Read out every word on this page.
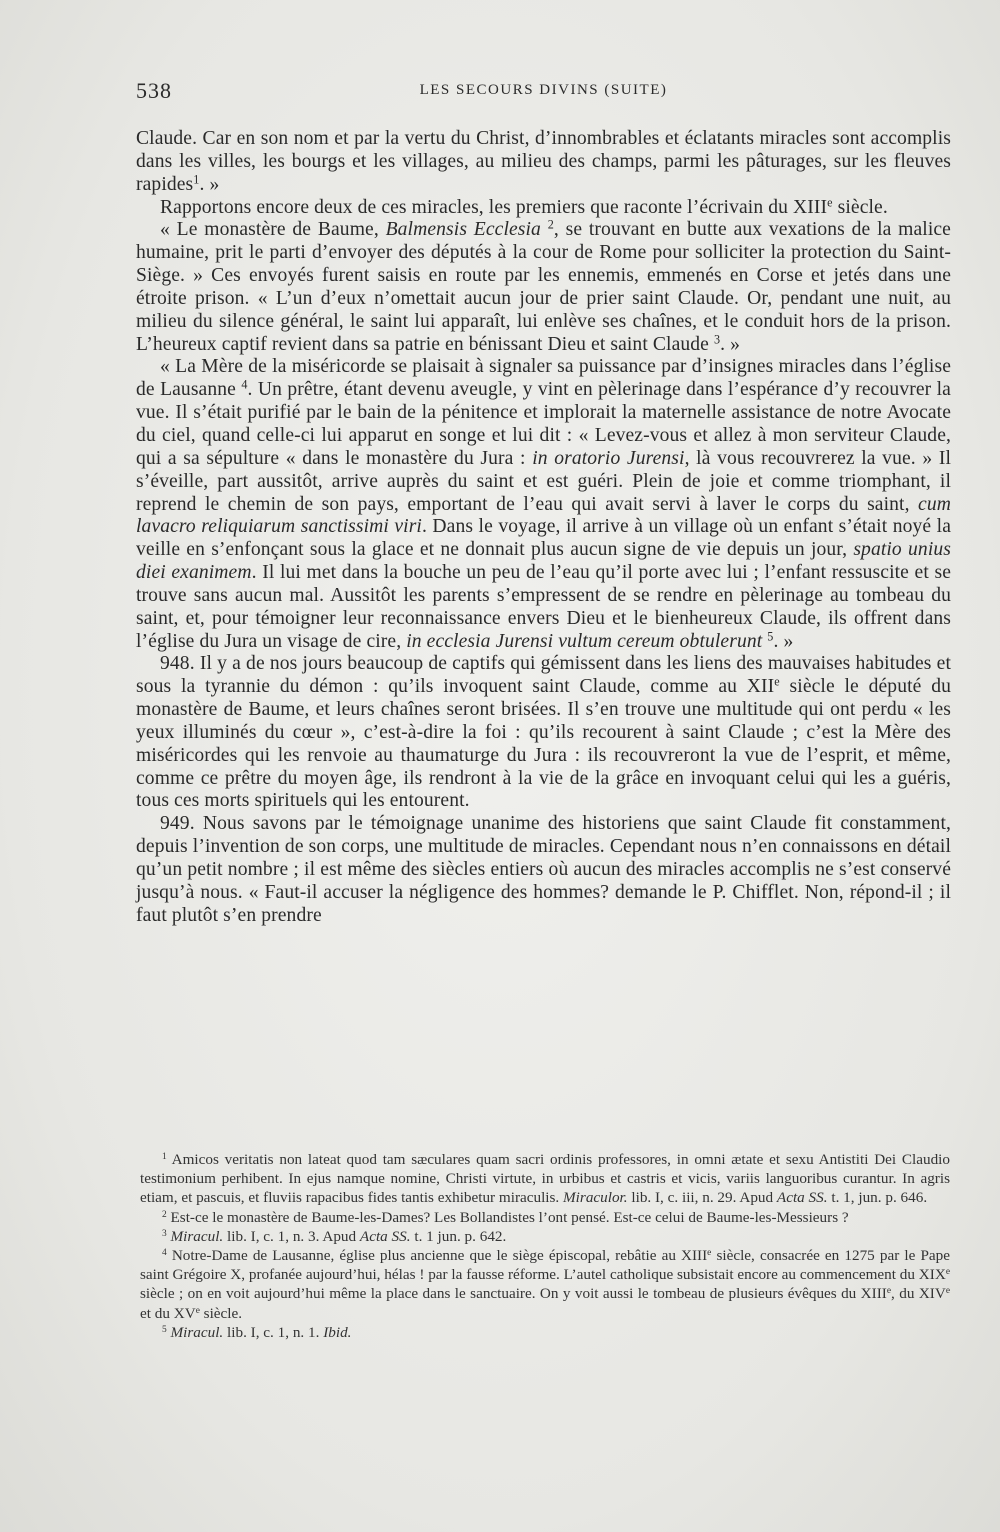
538	LES SECOURS DIVINS (SUITE)

Claude. Car en son nom et par la vertu du Christ, d’innombrables et éclatants miracles sont accomplis dans les villes, les bourgs et les villages, au milieu des champs, parmi les pâturages, sur les fleuves rapides$^1$. »

Rapportons encore deux de ces miracles, les premiers que raconte l’écrivain du XIIIe siècle.

« Le monastère de Baume, Balmensis Ecclesia $^2$, se trouvant en butte aux vexations de la malice humaine, prit le parti d’envoyer des députés à la cour de Rome pour solliciter la protection du Saint-Siège. » Ces envoyés furent saisis en route par les ennemis, emmenés en Corse et jetés dans une étroite prison. « L’un d’eux n’omettait aucun jour de prier saint Claude. Or, pendant une nuit, au milieu du silence général, le saint lui apparaît, lui enlève ses chaînes, et le conduit hors de la prison. L’heureux captif revient dans sa patrie en bénissant Dieu et saint Claude $^3$. »

« La Mère de la miséricorde se plaisait à signaler sa puissance par d’insignes miracles dans l’église de Lausanne $^4$. Un prêtre, étant devenu aveugle, y vint en pèlerinage dans l’espérance d’y recouvrer la vue. Il s’était purifié par le bain de la pénitence et implorait la maternelle assistance de notre Avocate du ciel, quand celle-ci lui apparut en songe et lui dit : « Levez-vous et allez à mon serviteur Claude, qui a sa sépulture « dans le monastère du Jura : in oratorio Jurensi, là vous recouvrerez la vue. » Il s’éveille, part aussitôt, arrive auprès du saint et est guéri. Plein de joie et comme triomphant, il reprend le chemin de son pays, emportant de l’eau qui avait servi à laver le corps du saint, cum lavacro reliquiarum sanctissimi viri. Dans le voyage, il arrive à un village où un enfant s’était noyé la veille en s’enfonçant sous la glace et ne donnait plus aucun signe de vie depuis un jour, spatio unius diei exanimem. Il lui met dans la bouche un peu de l’eau qu’il porte avec lui ; l’enfant ressuscite et se trouve sans aucun mal. Aussitôt les parents s’empressent de se rendre en pèlerinage au tombeau du saint, et, pour témoigner leur reconnaissance envers Dieu et le bienheureux Claude, ils offrent dans l’église du Jura un visage de cire, in ecclesia Jurensi vultum cereum obtulerunt $^5$. »

948. Il y a de nos jours beaucoup de captifs qui gémissent dans les liens des mauvaises habitudes et sous la tyrannie du démon : qu’ils invoquent saint Claude, comme au XIIe siècle le député du monastère de Baume, et leurs chaînes seront brisées. Il s’en trouve une multitude qui ont perdu « les yeux illuminés du cœur », c’est-à-dire la foi : qu’ils recourent à saint Claude ; c’est la Mère des miséricordes qui les renvoie au thaumaturge du Jura : ils recouvreront la vue de l’esprit, et même, comme ce prêtre du moyen âge, ils rendront à la vie de la grâce en invoquant celui qui les a guéris, tous ces morts spirituels qui les entourent.

949. Nous savons par le témoignage unanime des historiens que saint Claude fit constamment, depuis l’invention de son corps, une multitude de miracles. Cependant nous n’en connaissons en détail qu’un petit nombre ; il est même des siècles entiers où aucun des miracles accomplis ne s’est conservé jusqu’à nous. « Faut-il accuser la négligence des hommes? demande le P. Chifflet. Non, répond-il ; il faut plutôt s’en prendre

$^1$ Amicos veritatis non lateat quod tam sæculares quam sacri ordinis professores, in omni ætate et sexu Antistiti Dei Claudio testimonium perhibent. In ejus namque nomine, Christi virtute, in urbibus et castris et vicis, variis languoribus curantur. In agris etiam, et pascuis, et fluviis rapacibus fides tantis exhibetur miraculis. Miraculor. lib. I, c. iii, n. 29. Apud Acta SS. t. 1, jun. p. 646.

$^2$ Est-ce le monastère de Baume-les-Dames? Les Bollandistes l’ont pensé. Est-ce celui de Baume-les-Messieurs ?

$^3$ Miracul. lib. I, c. 1, n. 3. Apud Acta SS. t. 1 jun. p. 642.

$^4$ Notre-Dame de Lausanne, église plus ancienne que le siège épiscopal, rebâtie au XIIIe siècle, consacrée en 1275 par le Pape saint Grégoire X, profanée aujourd’hui, hélas ! par la fausse réforme. L’autel catholique subsistait encore au commencement du XIXe siècle ; on en voit aujourd’hui même la place dans le sanctuaire. On y voit aussi le tombeau de plusieurs évêques du XIIIe, du XIVe et du XVe siècle.

$^5$ Miracul. lib. I, c. 1, n. 1. Ibid.
